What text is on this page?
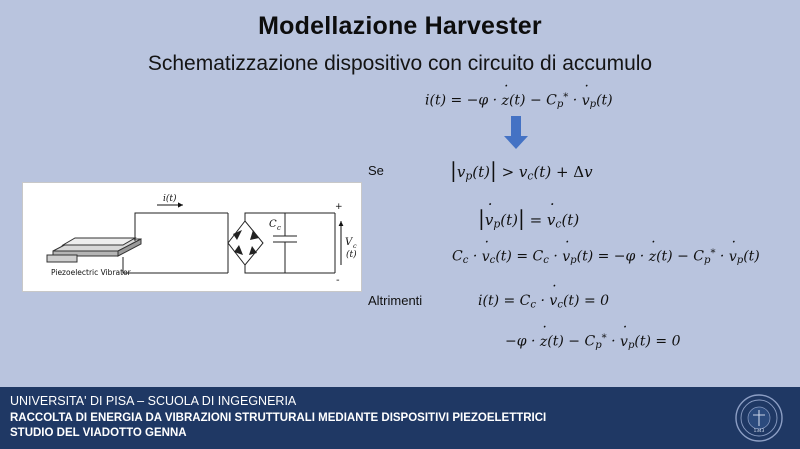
Modellazione Harvester
Schematizzazione dispositivo con circuito di accumulo
i(t)
C c
+
-
V c
(t)
Piezoelectric Vibrator
i(t) = −φ · z ˙(t) − $C_p^* \cdot v$ $˙_p(t)$
Se
Altrimenti
$|v_p(t)| > v_c(t) + \Delta v$
|v $˙_p(t)| = v$ $˙_c(t)$
$C_c \cdot v$ $˙_c(t) = C_c \cdot v$ $˙_p(t) = -\varphi \cdot z$ ˙(t) − $C_p^* \cdot v$ $˙_p(t)$
$i(t) = C_c \cdot v$ $˙_c(t) = 0$
−φ · z ˙(t) − $C_p^* \cdot v$ $˙_p(t) = 0$
UNIVERSITA' DI PISA – SCUOLA DI INGEGNERIA
RACCOLTA DI ENERGIA DA VIBRAZIONI STRUTTURALI MEDIANTE DISPOSITIVI PIEZOELETTRICI
STUDIO DEL VIADOTTO GENNA	1343
